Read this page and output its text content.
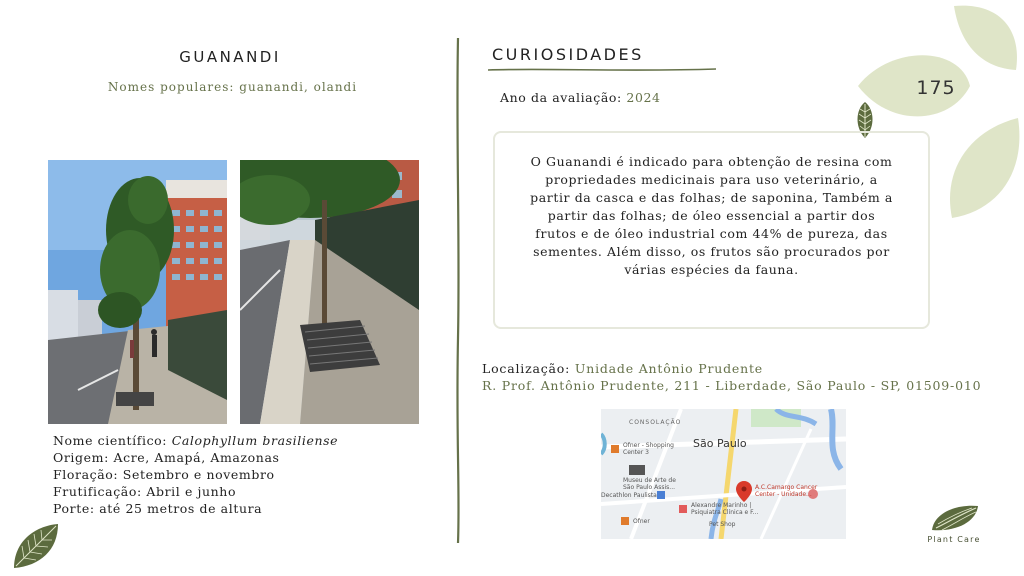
GUANANDI
Nomes populares: guanandi, olandi
Nome científico: Calophyllum brasiliense
Origem: Acre, Amapá, Amazonas
Floração: Setembro e novembro
Frutificação: Abril e junho
Porte: até 25 metros de altura
CURIOSIDADES
Ano da avaliação: 2024	175
O Guanandi é indicado para obtenção de resina com propriedades medicinais para uso veterinário, a partir da casca e das folhas; de saponina, Também a partir das folhas; de óleo essencial a partir dos frutos e de óleo industrial com 44% de pureza, das sementes. Além disso, os frutos são procurados por várias espécies da fauna.
Localização: Unidade Antônio Prudente
R. Prof. Antônio Prudente, 211 - Liberdade, São Paulo - SP, 01509-010
CONSOLAÇÃO
São Paulo
Ofner - Shopping
Center 3
Museu de Arte de
São Paulo Assis...
Decathlon Paulista
A.C.Camargo Cancer
Center - Unidade...
Alexandre Marinho |
Psiquiatra Clínica e F...
Pet Shop
Ofner
Plant Care
